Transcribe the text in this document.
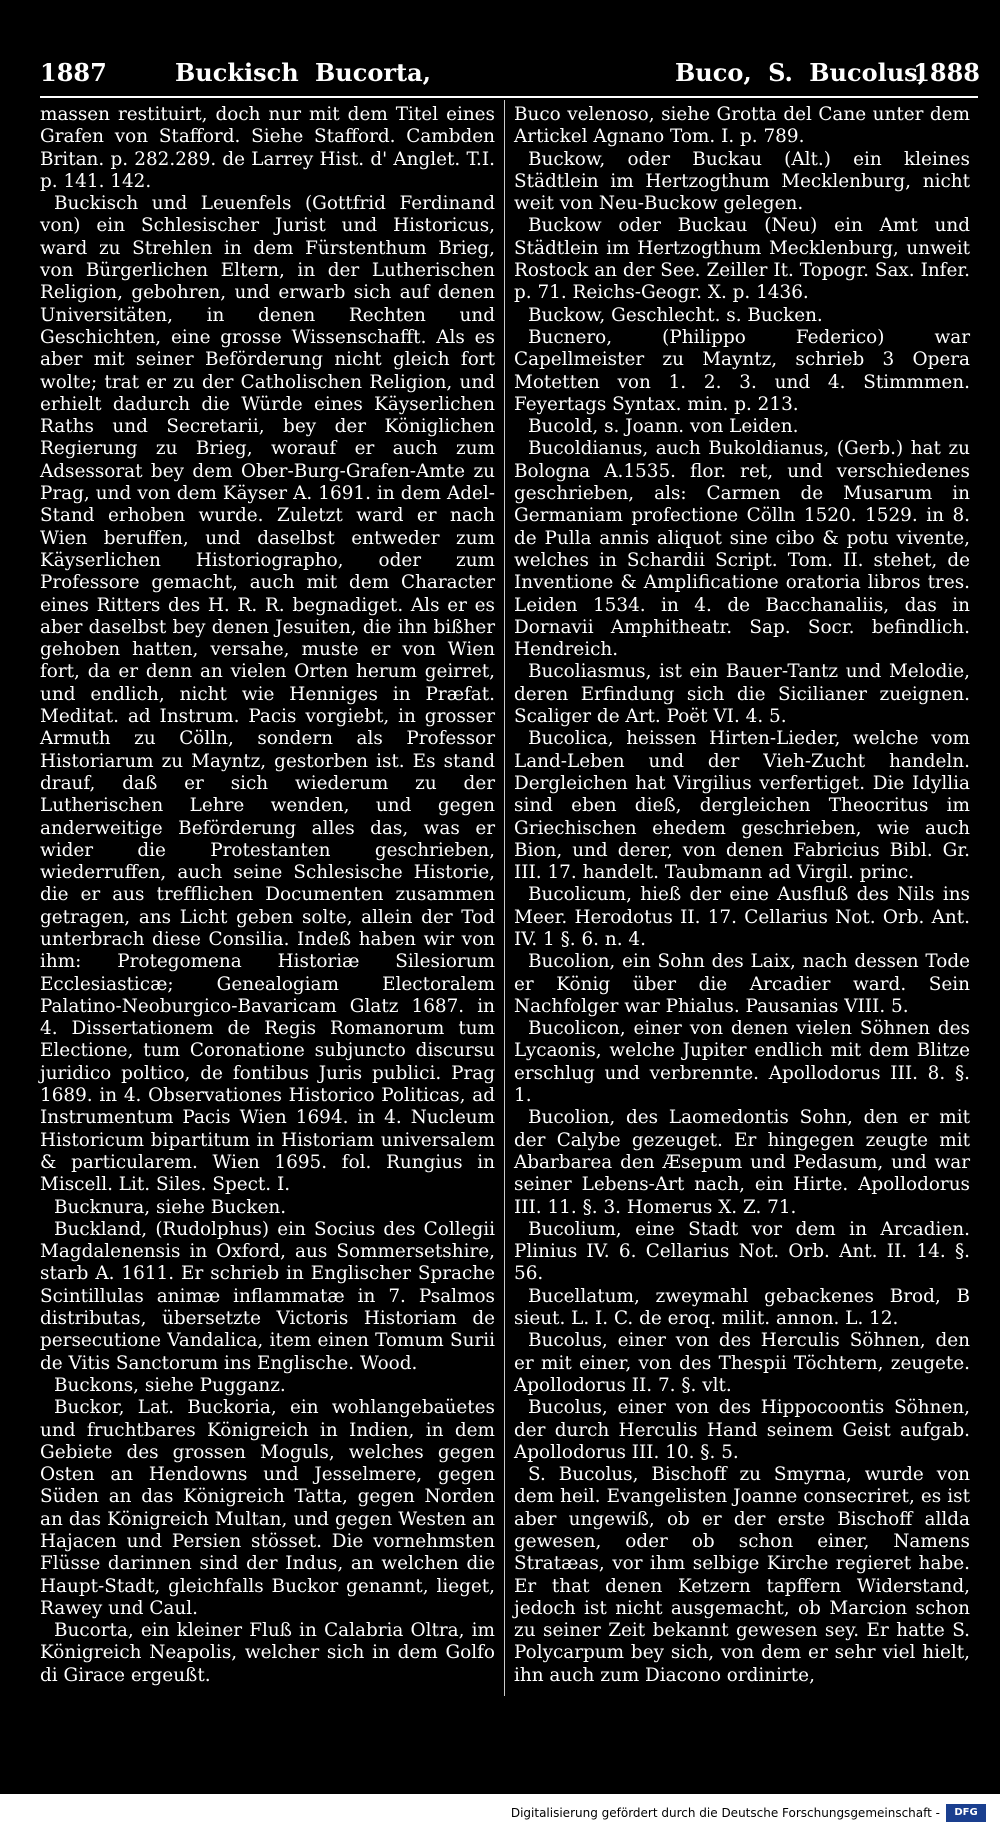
1887	Buckisch Bucorta,	Buco, S. Bucolus,
1888

massen restituirt, doch nur mit dem Titel eines Grafen von Stafford. Siehe Stafford. Cambden Britan. p. 282.289. de Larrey Hist. d' Anglet. T.I. p. 141. 142.

Buckisch und Leuenfels (Gottfrid Ferdinand von) ein Schlesischer Jurist und Historicus, ward zu Strehlen in dem Fürstenthum Brieg, von Bürgerlichen Eltern, in der Lutherischen Religion, gebohren, und erwarb sich auf denen Universitäten, in denen Rechten und Geschichten, eine grosse Wissenschafft. Als es aber mit seiner Beförderung nicht gleich fort wolte; trat er zu der Catholischen Religion, und erhielt dadurch die Würde eines Käyserlichen Raths und Secretarii, bey der Königlichen Regierung zu Brieg, worauf er auch zum Adsessorat bey dem Ober-Burg-Grafen-Amte zu Prag, und von dem Käyser A. 1691. in dem Adel-Stand erhoben wurde. Zuletzt ward er nach Wien beruffen, und daselbst entweder zum Käyserlichen Historiographo, oder zum Professore gemacht, auch mit dem Character eines Ritters des H. R. R. begnadiget. Als er es aber daselbst bey denen Jesuiten, die ihn bißher gehoben hatten, versahe, muste er von Wien fort, da er denn an vielen Orten herum geirret, und endlich, nicht wie Henniges in Præfat. Meditat. ad Instrum. Pacis vorgiebt, in grosser Armuth zu Cölln, sondern als Professor Historiarum zu Mayntz, gestorben ist. Es stand drauf, daß er sich wiederum zu der Lutherischen Lehre wenden, und gegen anderweitige Beförderung alles das, was er wider die Protestanten geschrieben, wiederruffen, auch seine Schlesische Historie, die er aus trefflichen Documenten zusammen getragen, ans Licht geben solte, allein der Tod unterbrach diese Consilia. Indeß haben wir von ihm: Protegomena Historiæ Silesiorum Ecclesiasticæ; Genealogiam Electoralem Palatino-Neoburgico-Bavaricam Glatz 1687. in 4. Dissertationem de Regis Romanorum tum Electione, tum Coronatione subjuncto discursu juridico poltico, de fontibus Juris publici. Prag 1689. in 4. Observationes Historico Politicas, ad Instrumentum Pacis Wien 1694. in 4. Nucleum Historicum bipartitum in Historiam universalem & particularem. Wien 1695. fol. Rungius in Miscell. Lit. Siles. Spect. I.

Bucknura, siehe Bucken.

Buckland, (Rudolphus) ein Socius des Collegii Magdalenensis in Oxford, aus Sommersetshire, starb A. 1611. Er schrieb in Englischer Sprache Scintillulas animæ inflammatæ in 7. Psalmos distributas, übersetzte Victoris Historiam de persecutione Vandalica, item einen Tomum Surii de Vitis Sanctorum ins Englische. Wood.

Buckons, siehe Pugganz.

Buckor, Lat. Buckoria, ein wohlangebaüetes und fruchtbares Königreich in Indien, in dem Gebiete des grossen Moguls, welches gegen Osten an Hendowns und Jesselmere, gegen Süden an das Königreich Tatta, gegen Norden an das Königreich Multan, und gegen Westen an Hajacen und Persien stösset. Die vornehmsten Flüsse darinnen sind der Indus, an welchen die Haupt-Stadt, gleichfalls Buckor genannt, lieget, Rawey und Caul.

Bucorta, ein kleiner Fluß in Calabria Oltra, im Königreich Neapolis, welcher sich in dem Golfo di Girace ergeußt.

Buco velenoso, siehe Grotta del Cane unter dem Artickel Agnano Tom. I. p. 789.

Buckow, oder Buckau (Alt.) ein kleines Städtlein im Hertzogthum Mecklenburg, nicht weit von Neu-Buckow gelegen.

Buckow oder Buckau (Neu) ein Amt und Städtlein im Hertzogthum Mecklenburg, unweit Rostock an der See. Zeiller It. Topogr. Sax. Infer. p. 71. Reichs-Geogr. X. p. 1436.

Buckow, Geschlecht. s. Bucken.

Bucnero, (Philippo Federico) war Capellmeister zu Mayntz, schrieb 3 Opera Motetten von 1. 2. 3. und 4. Stimmmen. Feyertags Syntax. min. p. 213.

Bucold, s. Joann. von Leiden.

Bucoldianus, auch Bukoldianus, (Gerb.) hat zu Bologna A.1535. flor. ret, und verschiedenes geschrieben, als: Carmen de Musarum in Germaniam profectione Cölln 1520. 1529. in 8. de Pulla annis aliquot sine cibo & potu vivente, welches in Schardii Script. Tom. II. stehet, de Inventione & Amplificatione oratoria libros tres. Leiden 1534. in 4. de Bacchanaliis, das in Dornavii Amphitheatr. Sap. Socr. befindlich. Hendreich.

Bucoliasmus, ist ein Bauer-Tantz und Melodie, deren Erfindung sich die Sicilianer zueignen. Scaliger de Art. Poët VI. 4. 5.

Bucolica, heissen Hirten-Lieder, welche vom Land-Leben und der Vieh-Zucht handeln. Dergleichen hat Virgilius verfertiget. Die Idyllia sind eben dieß, dergleichen Theocritus im Griechischen ehedem geschrieben, wie auch Bion, und derer, von denen Fabricius Bibl. Gr. III. 17. handelt. Taubmann ad Virgil. princ.

Bucolicum, hieß der eine Ausfluß des Nils ins Meer. Herodotus II. 17. Cellarius Not. Orb. Ant. IV. 1 §. 6. n. 4.

Bucolion, ein Sohn des Laix, nach dessen Tode er König über die Arcadier ward. Sein Nachfolger war Phialus. Pausanias VIII. 5.

Bucolicon, einer von denen vielen Söhnen des Lycaonis, welche Jupiter endlich mit dem Blitze erschlug und verbrennte. Apollodorus III. 8. §. 1.

Bucolion, des Laomedontis Sohn, den er mit der Calybe gezeuget. Er hingegen zeugte mit Abarbarea den Æsepum und Pedasum, und war seiner Lebens-Art nach, ein Hirte. Apollodorus III. 11. §. 3. Homerus X. Z. 71.

Bucolium, eine Stadt vor dem in Arcadien. Plinius IV. 6. Cellarius Not. Orb. Ant. II. 14. §. 56.

Bucellatum, zweymahl gebackenes Brod, B sieut. L. I. C. de eroq. milit. annon. L. 12.

Bucolus, einer von des Herculis Söhnen, den er mit einer, von des Thespii Töchtern, zeugete. Apollodorus II. 7. §. vlt.

Bucolus, einer von des Hippocoontis Söhnen, der durch Herculis Hand seinem Geist aufgab. Apollodorus III. 10. §. 5.

S. Bucolus, Bischoff zu Smyrna, wurde von dem heil. Evangelisten Joanne consecriret, es ist aber ungewiß, ob er der erste Bischoff allda gewesen, oder ob schon einer, Namens Stratæas, vor ihm selbige Kirche regieret habe. Er that denen Ketzern tapffern Widerstand, jedoch ist nicht ausgemacht, ob Marcion schon zu seiner Zeit bekannt gewesen sey. Er hatte S. Polycarpum bey sich, von dem er sehr viel hielt, ihn auch zum Diacono ordinirte,

Digitalisierung gefördert durch die Deutsche Forschungsgemeinschaft -	DFG
